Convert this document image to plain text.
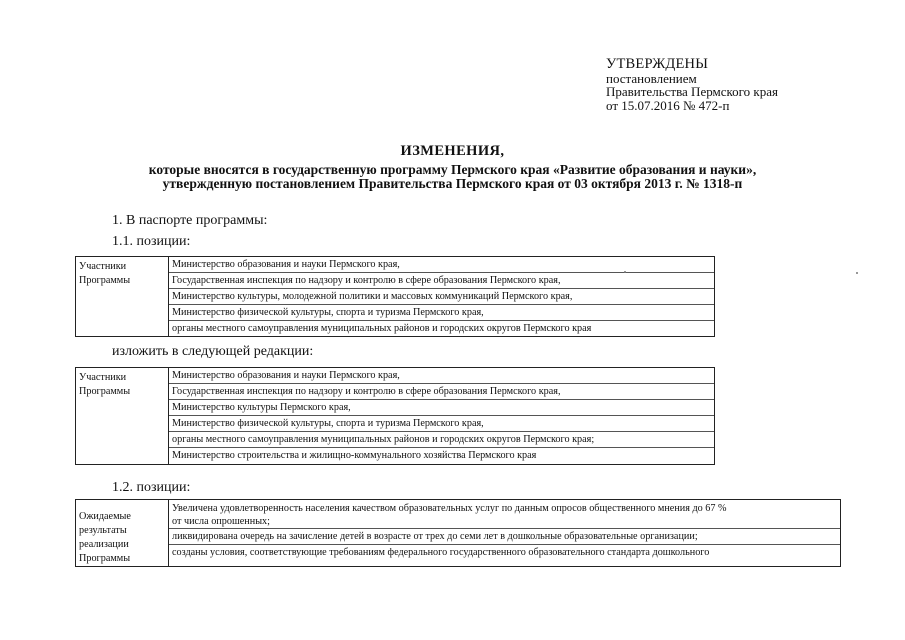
УТВЕРЖДЕНЫ
постановлением
Правительства Пермского края
от 15.07.2016 № 472-п
ИЗМЕНЕНИЯ,
которые вносятся в государственную программу Пермского края «Развитие образования и науки»,
утвержденную постановлением Правительства Пермского края от 03 октября 2013 г. № 1318-п
1. В паспорте программы:
1.1. позиции:
Участники
Программы

Министерство образования и науки Пермского края,
Государственная инспекция по надзору и контролю в сфере образования Пермского края,
Министерство культуры, молодежной политики и массовых коммуникаций Пермского края,
Министерство физической культуры, спорта и туризма Пермского края,
органы местного самоуправления муниципальных районов и городских округов Пермского края
изложить в следующей редакции:
Участники
Программы

Министерство образования и науки Пермского края,
Государственная инспекция по надзору и контролю в сфере образования Пермского края,
Министерство культуры Пермского края,
Министерство физической культуры, спорта и туризма Пермского края,
органы местного самоуправления муниципальных районов и городских округов Пермского края;
Министерство строительства и жилищно-коммунального хозяйства Пермского края
1.2. позиции:
Ожидаемые
результаты
реализации
Программы

Увеличена удовлетворенность населения качеством образовательных услуг по данным опросов общественного мнения до 67 %
от числа опрошенных;
ликвидирована очередь на зачисление детей в возрасте от трех до семи лет в дошкольные образовательные организации;
созданы условия, соответствующие требованиям федерального государственного образовательного стандарта дошкольного
